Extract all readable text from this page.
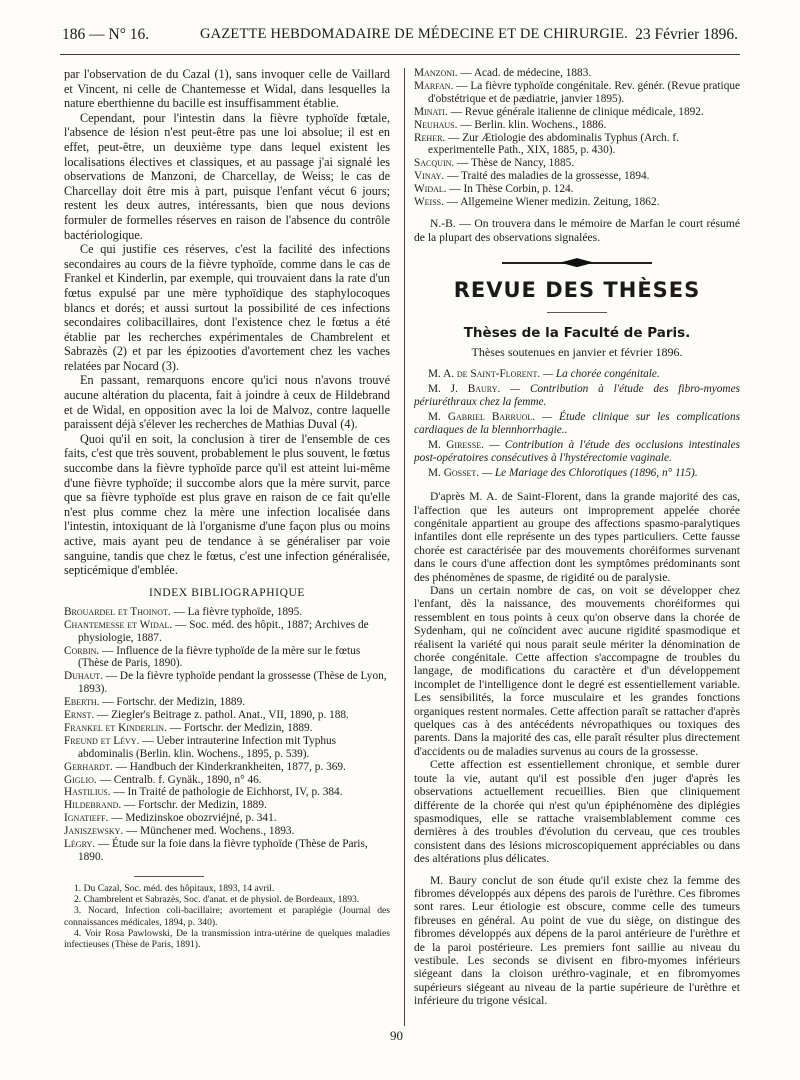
186 — N° 16.	GAZETTE HEBDOMADAIRE DE MÉDECINE ET DE CHIRURGIE. 23 Février 1896.

par l'observation de du Cazal (1), sans invoquer celle de Vaillard et Vincent, ni celle de Chantemesse et Widal, dans lesquelles la nature eberthienne du bacille est insuffisamment établie.

Cependant, pour l'intestin dans la fièvre typhoïde fœtale, l'absence de lésion n'est peut-être pas une loi absolue; il est en effet, peut-être, un deuxième type dans lequel existent les localisations électives et classiques, et au passage j'ai signalé les observations de Manzoni, de Charcellay, de Weiss; le cas de Charcellay doit être mis à part, puisque l'enfant vécut 6 jours; restent les deux autres, intéressants, bien que nous devions formuler de formelles réserves en raison de l'absence du contrôle bactériologique.

Ce qui justifie ces réserves, c'est la facilité des infections secondaires au cours de la fièvre typhoïde, comme dans le cas de Frankel et Kinderlin, par exemple, qui trouvaient dans la rate d'un fœtus expulsé par une mère typhoïdique des staphylocoques blancs et dorés; et aussi surtout la possibilité de ces infections secondaires colibacillaires, dont l'existence chez le fœtus a été établie par les recherches expérimentales de Chambrelent et Sabrazès (2) et par les épizooties d'avortement chez les vaches relatées par Nocard (3).

En passant, remarquons encore qu'ici nous n'avons trouvé aucune altération du placenta, fait à joindre à ceux de Hildebrand et de Widal, en opposition avec la loi de Malvoz, contre laquelle paraissent déjà s'élever les recherches de Mathias Duval (4).

Quoi qu'il en soit, la conclusion à tirer de l'ensemble de ces faits, c'est que très souvent, probablement le plus souvent, le fœtus succombe dans la fièvre typhoïde parce qu'il est atteint lui-même d'une fièvre typhoïde; il succombe alors que la mère survit, parce que sa fièvre typhoïde est plus grave en raison de ce fait qu'elle n'est plus comme chez la mère une infection localisée dans l'intestin, intoxiquant de là l'organisme d'une façon plus ou moins active, mais ayant peu de tendance à se généraliser par voie sanguine, tandis que chez le fœtus, c'est une infection généralisée, septicémique d'emblée.

INDEX BIBLIOGRAPHIQUE

Brouardel et Thoinot. — La fièvre typhoïde, 1895.

Chantemesse et Widal. — Soc. méd. des hôpit., 1887; Archives de physiologie, 1887.

Corbin. — Influence de la fièvre typhoïde de la mère sur le fœtus (Thèse de Paris, 1890).

Duhaut. — De la fièvre typhoïde pendant la grossesse (Thèse de Lyon, 1893).

Eberth. — Fortschr. der Medizin, 1889.

Ernst. — Ziegler's Beitrage z. pathol. Anat., VII, 1890, p. 188.

Frankel et Kinderlin. — Fortschr. der Medizin, 1889.

Freund et Lévy. — Ueber intrauterine Infection mit Typhus abdominalis (Berlin. klin. Wochens., 1895, p. 539).

Gerhardt. — Handbuch der Kinderkrankheiten, 1877, p. 369.

Giglio. — Centralb. f. Gynäk., 1890, n° 46.

Hastilius. — In Traité de pathologie de Eichhorst, IV, p. 384.

Hildebrand. — Fortschr. der Medizin, 1889.

Ignatieff. — Medizinskoe obozrviéjné, p. 341.

Janiszewsky. — Münchener med. Wochens., 1893.

Légry. — Étude sur la foie dans la fièvre typhoïde (Thèse de Paris, 1890.

1. Du Cazal, Soc. méd. des hôpitaux, 1893, 14 avril.

2. Chambrelent et Sabrazès, Soc. d'anat. et de physiol. de Bordeaux, 1893.

3. Nocard, Infection coli-bacillaire; avortement et paraplégie (Journal des connaissances médicales, 1894, p. 340).

4. Voir Rosa Pawlowski, De la transmission intra-utérine de quelques maladies infectieuses (Thèse de Paris, 1891).

Manzoni. — Acad. de médecine, 1883.

Marfan. — La fièvre typhoïde congénitale. Rev. génér. (Revue pratique d'obstétrique et de pædiatrie, janvier 1895).

Minati. — Revue générale italienne de clinique médicale, 1892.

Neuhaus. — Berlin. klin. Wochens., 1886.

Reher. — Zur Ætiologie des abdominalis Typhus (Arch. f. experimentelle Path., XIX, 1885, p. 430).

Sacquin. — Thèse de Nancy, 1885.

Vinay. — Traité des maladies de la grossesse, 1894.

Widal. — In Thèse Corbin, p. 124.

Weiss. — Allgemeine Wiener medizin. Zeitung, 1862.

N.-B. — On trouvera dans le mémoire de Marfan le court résumé de la plupart des observations signalées.

REVUE DES THÈSES
Thèses de la Faculté de Paris.
Thèses soutenues en janvier et février 1896.

M. A. de Saint-Florent. — La chorée congénitale.

M. J. Baury. — Contribution à l'étude des fibro-myomes périuréthraux chez la femme.

M. Gabriel Barruol. — Étude clinique sur les complications cardiaques de la blennhorrhagie..

M. Giresse. — Contribution à l'étude des occlusions intestinales post-opératoires consécutives à l'hystérectomie vaginale.

M. Gosset. — Le Mariage des Chlorotiques (1896, n° 115).

D'après M. A. de Saint-Florent, dans la grande majorité des cas, l'affection que les auteurs ont improprement appelée chorée congénitale appartient au groupe des affections spasmo-paralytiques infantiles dont elle représente un des types particuliers. Cette fausse chorée est caractérisée par des mouvements choréiformes survenant dans le cours d'une affection dont les symptômes prédominants sont des phénomènes de spasme, de rigidité ou de paralysie.

Dans un certain nombre de cas, on voit se développer chez l'enfant, dès la naissance, des mouvements choréiformes qui ressemblent en tous points à ceux qu'on observe dans la chorée de Sydenham, qui ne coïncident avec aucune rigidité spasmodique et réalisent la variété qui nous parait seule mériter la dénomination de chorée congénitale. Cette affection s'accompagne de troubles du langage, de modifications du caractère et d'un développement incomplet de l'intelligence dont le degré est essentiellement variable. Les sensibilités, la force musculaire et les grandes fonctions organiques restent normales. Cette affection paraît se rattacher d'après quelques cas à des antécédents névropathiques ou toxiques des parents. Dans la majorité des cas, elle paraît résulter plus directement d'accidents ou de maladies survenus au cours de la grossesse.

Cette affection est essentiellement chronique, et semble durer toute la vie, autant qu'il est possible d'en juger d'après les observations actuellement recueillies. Bien que cliniquement différente de la chorée qui n'est qu'un épiphénomène des diplégies spasmodiques, elle se rattache vraisemblablement comme ces dernières à des troubles d'évolution du cerveau, que ces troubles consistent dans des lésions microscopiquement appréciables ou dans des altérations plus délicates.

M. Baury conclut de son étude qu'il existe chez la femme des fibromes développés aux dépens des parois de l'urèthre. Ces fibromes sont rares. Leur étiologie est obscure, comme celle des tumeurs fibreuses en général. Au point de vue du siège, on distingue des fibromes développés aux dépens de la paroi antérieure de l'urèthre et de la paroi postérieure. Les premiers font saillie au niveau du vestibule. Les seconds se divisent en fibro-myomes inférieurs siégeant dans la cloison uréthro-vaginale, et en fibromyomes supérieurs siégeant au niveau de la partie supérieure de l'urèthre et inférieure du trigone vésical.

90
